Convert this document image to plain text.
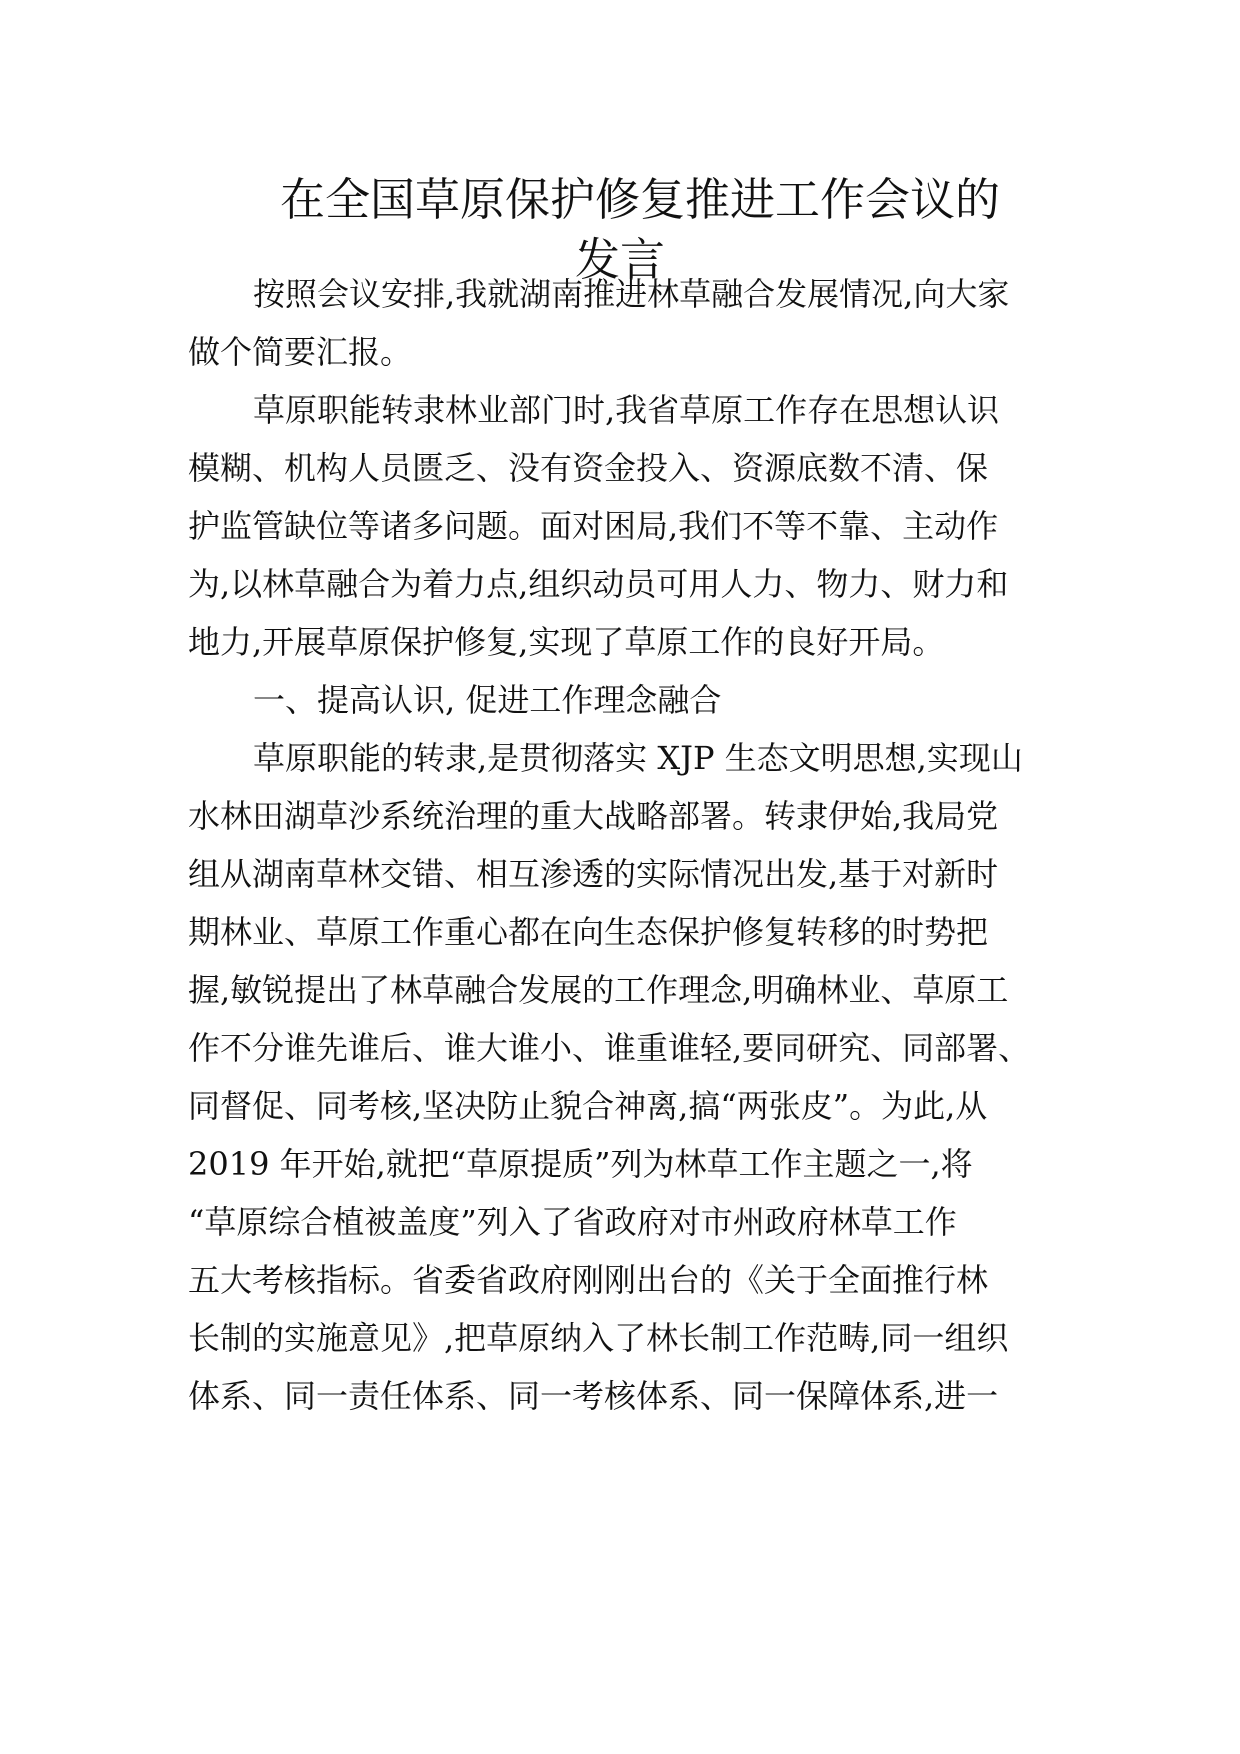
在全国草原保护修复推进工作会议的
发言
按照会议安排,我就湖南推进林草融合发展情况,向大家
做个简要汇报。
草原职能转隶林业部门时,我省草原工作存在思想认识
模糊、机构人员匮乏、没有资金投入、资源底数不清、保
护监管缺位等诸多问题。面对困局,我们不等不靠、主动作
为,以林草融合为着力点,组织动员可用人力、物力、财力和
地力,开展草原保护修复,实现了草原工作的良好开局。
一、提高认识, 促进工作理念融合
草原职能的转隶,是贯彻落实 XJP 生态文明思想,实现山
水林田湖草沙系统治理的重大战略部署。转隶伊始,我局党
组从湖南草林交错、相互渗透的实际情况出发,基于对新时
期林业、草原工作重心都在向生态保护修复转移的时势把
握,敏锐提出了林草融合发展的工作理念,明确林业、草原工
作不分谁先谁后、谁大谁小、谁重谁轻,要同研究、同部署、
同督促、同考核,坚决防止貌合神离,搞“两张皮”。为此,从
2019 年开始,就把“草原提质”列为林草工作主题之一,将
“草原综合植被盖度”列入了省政府对市州政府林草工作
五大考核指标。省委省政府刚刚出台的《关于全面推行林
长制的实施意见》,把草原纳入了林长制工作范畴,同一组织
体系、同一责任体系、同一考核体系、同一保障体系,进一
